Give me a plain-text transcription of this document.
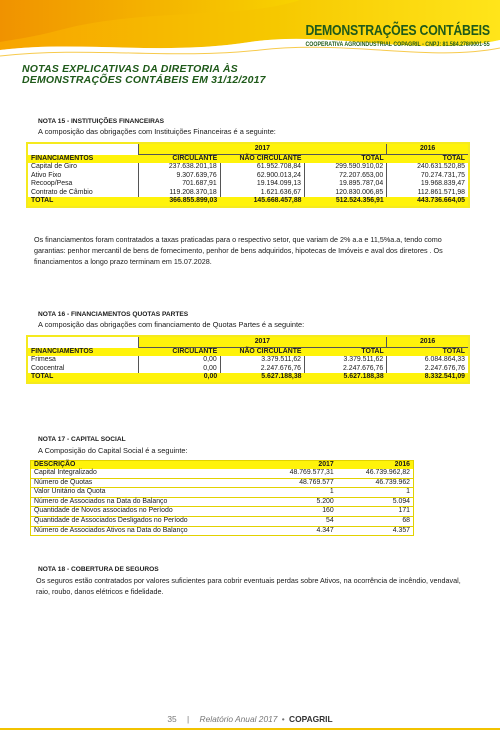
DEMONSTRAÇÕES CONTÁBEIS
COOPERATIVA AGROINDUSTRIAL COPAGRIL - CNPJ: 81.584.278/0001-55
NOTAS EXPLICATIVAS DA DIRETORIA ÀS
DEMONSTRAÇÕES CONTÁBEIS EM 31/12/2017
NOTA 15 - INSTITUIÇÕES FINANCEIRAS
A composição das obrigações com Instituições Financeiras é a seguinte:
	2017			2016
FINANCIAMENTOS	CIRCULANTE	NÃO CIRCULANTE	TOTAL	TOTAL
Capital de Giro	237.638.201,18	61.952.708,84	299.590.910,02	240.631.520,85
Ativo Fixo	9.307.639,76	62.900.013,24	72.207.653,00	70.274.731,75
Recoop/Pesa	701.687,91	19.194.099,13	19.895.787,04	19.968.839,47
Contrato de Câmbio	119.208.370,18	1.621.636,67	120.830.006,85	112.861.571,98
TOTAL	366.855.899,03	145.668.457,88	512.524.356,91	443.736.664,05
Os financiamentos foram contratados a taxas praticadas para o respectivo setor, que variam de 2% a.a e 11,5%a.a, tendo como garantias: penhor mercantil de bens de fornecimento, penhor de bens adquiridos, hipotecas de Imóveis e aval dos diretores . Os financiamentos a longo prazo terminam em 15.07.2028.
NOTA 16 - FINANCIAMENTOS QUOTAS PARTES
A composição das obrigações com financiamento de Quotas Partes é a seguinte:
	2017			2016
FINANCIAMENTOS	CIRCULANTE	NÃO CIRCULANTE	TOTAL	TOTAL
Frimesa	0,00	3.379.511,62	3.379.511,62	6.084.864,33
Coocentral	0,00	2.247.676,76	2.247.676,76	2.247.676,76
TOTAL	0,00	5.627.188,38	5.627.188,38	8.332.541,09
NOTA 17 - CAPITAL SOCIAL
A Composição do Capital Social é a seguinte:
DESCRIÇÃO	2017	2016
Capital Integralizado	48.769.577,31	46.739.962,82
Número de Quotas	48.769.577	46.739.962
Valor Unitário da Quota	1	1
Número de Associados na Data do Balanço	5.200	5.094
Quantidade de Novos associados no Período	160	171
Quantidade de Associados Desligados no Período	54	68
Número de Associados Ativos na Data do Balanço	4.347	4.357
NOTA 18 - COBERTURA DE SEGUROS
Os seguros estão contratados por valores suficientes para cobrir eventuais perdas sobre Ativos, na ocorrência de incêndio, vendaval, raio, roubo, danos elétricos e fidelidade.
35 | Relatório Anual 2017 • COPAGRIL
